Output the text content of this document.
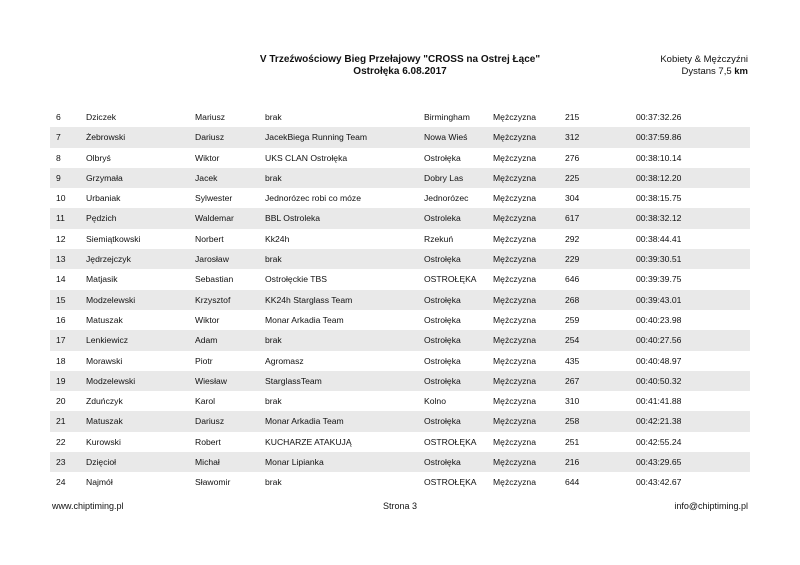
V Trzeźwościowy Bieg Przełajowy "CROSS na Ostrej Łące"
Ostrołęka 6.08.2017
Kobiety & Mężczyźni
Dystans 7,5 km
6	Dziczek	Mariusz	brak	Birmingham	Mężczyzna	215	00:37:32.26
7	Żebrowski	Dariusz	JacekBiega Running Team	Nowa Wieś	Mężczyzna	312	00:37:59.86
8	Olbryś	Wiktor	UKS CLAN Ostrołęka	Ostrołęka	Mężczyzna	276	00:38:10.14
9	Grzymała	Jacek	brak	Dobry Las	Mężczyzna	225	00:38:12.20
10 Urbaniak	Sylwester	Jednorózec robi co móze	Jednorózec	Mężczyzna	304	00:38:15.75
11 Pędzich	Waldemar	BBL Ostroleka	Ostroleka	Mężczyzna	617	00:38:32.12
12 Siemiątkowski	Norbert	Kk24h	Rzekuń	Mężczyzna	292	00:38:44.41
13 Jędrzejczyk	Jarosław	brak	Ostrołęka	Mężczyzna	229	00:39:30.51
14 Matjasik	Sebastian	Ostrołęckie TBS	OSTROŁĘKA Mężczyzna	646	00:39:39.75
15 Modzelewski	Krzysztof	KK24h Starglass Team	Ostrołęka	Mężczyzna	268	00:39:43.01
16 Matuszak	Wiktor	Monar Arkadia Team	Ostrołęka	Mężczyzna	259	00:40:23.98
17 Lenkiewicz	Adam	brak	Ostrołęka	Mężczyzna	254	00:40:27.56
18 Morawski	Piotr	Agromasz	Ostrołęka	Mężczyzna	435	00:40:48.97
19 Modzelewski	Wiesław	StarglassTeam	Ostrołęka	Mężczyzna	267	00:40:50.32
20 Zduńczyk	Karol	brak	Kolno	Mężczyzna	310	00:41:41.88
21 Matuszak	Dariusz	Monar Arkadia Team	Ostrołęka	Mężczyzna	258	00:42:21.38
22 Kurowski	Robert	KUCHARZE ATAKUJĄ	OSTROŁĘKA Mężczyzna	251	00:42:55.24
23 Dzięcioł	Michał	Monar Lipianka	Ostrołęka	Mężczyzna	216	00:43:29.65
24 Najmół	Sławomir	brak	OSTROŁĘKA Mężczyzna	644	00:43:42.67
www.chiptiming.pl	Strona 3	info@chiptiming.pl
